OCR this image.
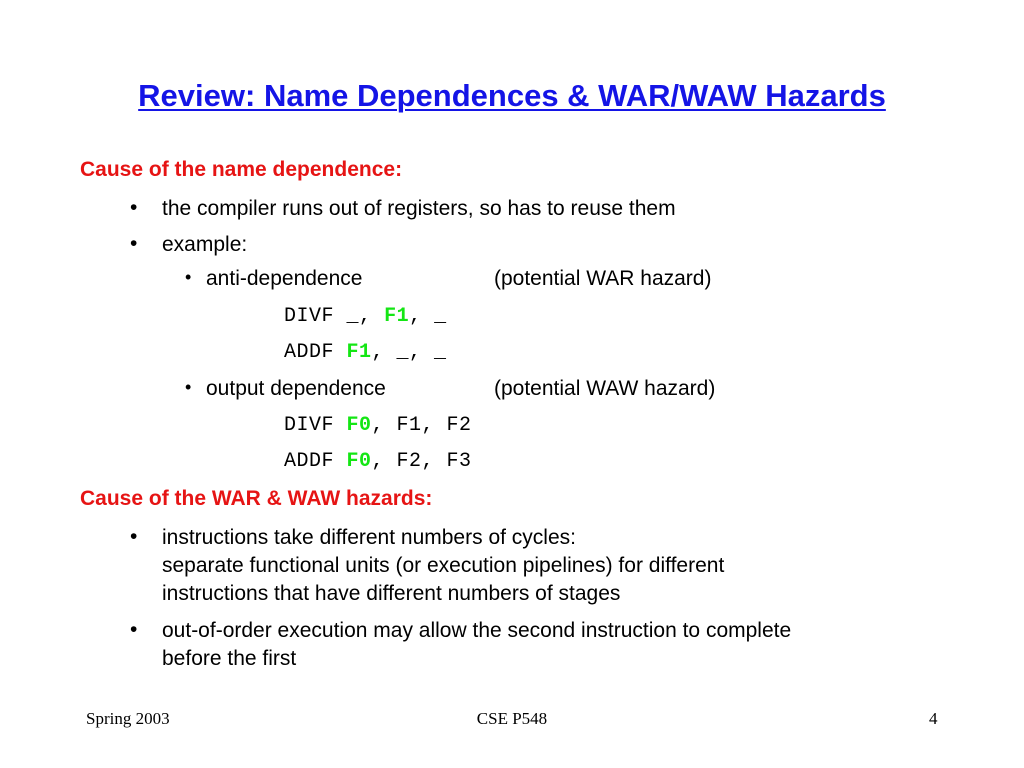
Review: Name Dependences & WAR/WAW Hazards
Cause of the name dependence:
• the compiler runs out of registers, so has to reuse them
• example:
• anti-dependence	(potential WAR hazard)
DIVF _, F1, _
ADDF F1, _, _
• output dependence	(potential WAW hazard)
DIVF F0, F1, F2
ADDF F0, F2, F3
Cause of the WAR & WAW hazards:
• instructions take different numbers of cycles:
separate functional units (or execution pipelines) for different
instructions that have different numbers of stages
• out-of-order execution may allow the second instruction to complete
before the first
Spring 2003	CSE P548	4
